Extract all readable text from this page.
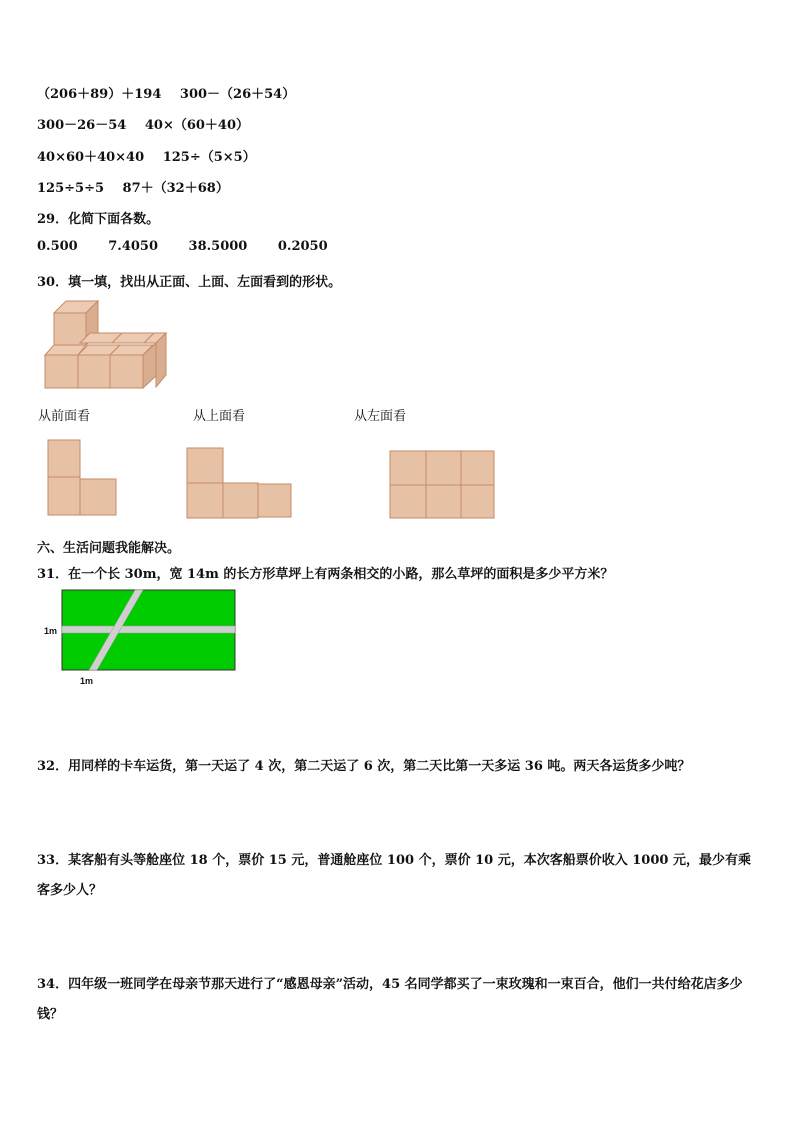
（206＋89）＋194 300－（26＋54）
300－26－54 40×（60＋40）
40×60＋40×40 125÷（5×5）
125÷5÷5 87＋（32＋68）
29．化简下面各数。
0.500 7.4050 38.5000 0.2050
30．填一填，找出从正面、上面、左面看到的形状。
从前面看	从上面看	从左面看
六、生活问题我能解决。
31．在一个长 30m，宽 14m 的长方形草坪上有两条相交的小路，那么草坪的面积是多少平方米？
1m
1m
32．用同样的卡车运货，第一天运了 4 次，第二天运了 6 次，第二天比第一天多运 36 吨。两天各运货多少吨？
33．某客船有头等舱座位 18 个，票价 15 元，普通舱座位 100 个，票价 10 元，本次客船票价收入 1000 元，最少有乘客多少人？
34．四年级一班同学在母亲节那天进行了“感恩母亲”活动，45 名同学都买了一束玫瑰和一束百合，他们一共付给花店多少钱？
